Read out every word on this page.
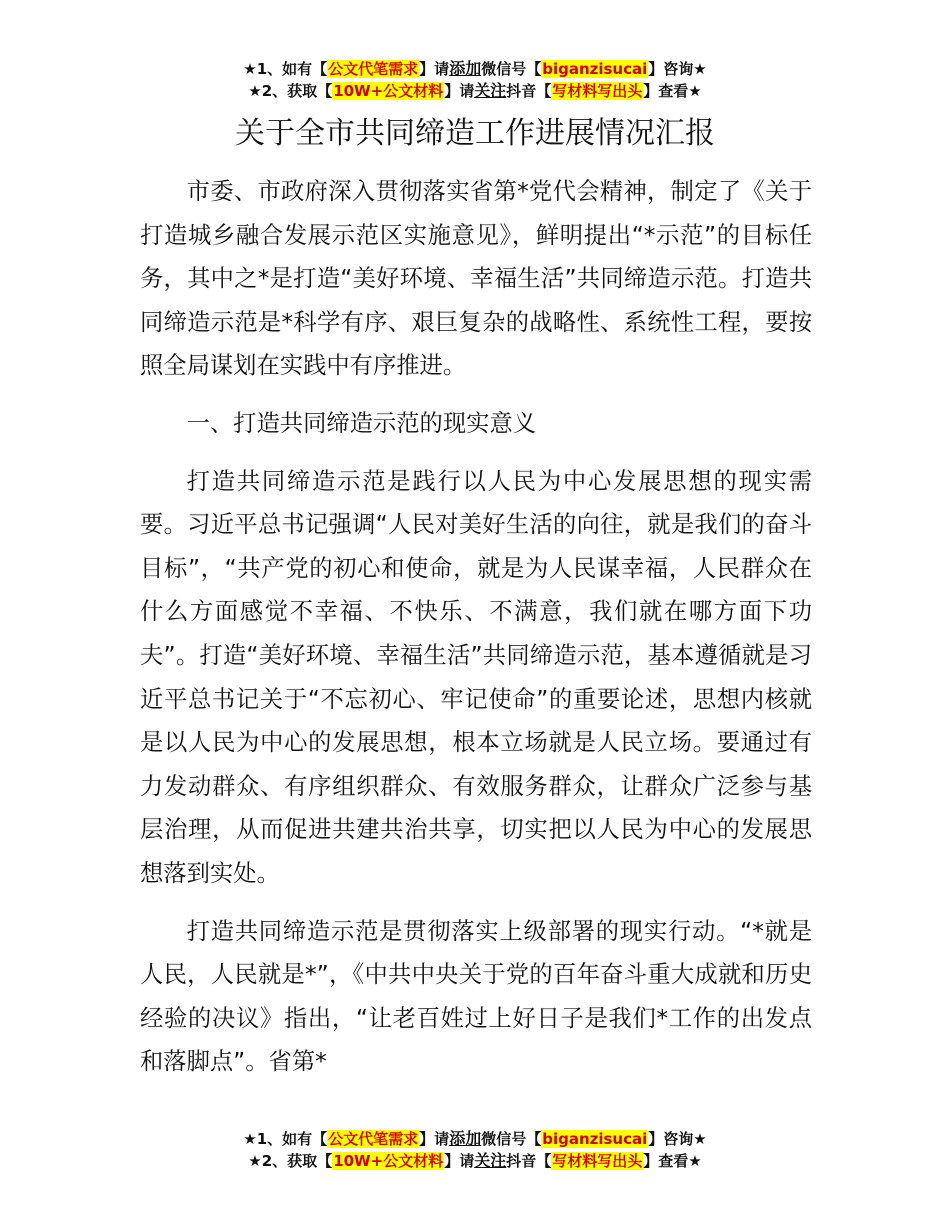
★1、如有【公文代笔需求】请添加微信号【biganzisucai】咨询★
★2、获取【10W+公文材料】请关注抖音【写材料写出头】查看★
关于全市共同缔造工作进展情况汇报

市委、市政府深入贯彻落实省第*党代会精神，制定了《关于打造城乡融合发展示范区实施意见》，鲜明提出“*示范”的目标任务，其中之*是打造“美好环境、幸福生活”共同缔造示范。打造共同缔造示范是*科学有序、艰巨复杂的战略性、系统性工程，要按照全局谋划在实践中有序推进。

一、打造共同缔造示范的现实意义

打造共同缔造示范是践行以人民为中心发展思想的现实需要。习近平总书记强调“人民对美好生活的向往，就是我们的奋斗目标”，“共产党的初心和使命，就是为人民谋幸福，人民群众在什么方面感觉不幸福、不快乐、不满意，我们就在哪方面下功夫”。打造“美好环境、幸福生活”共同缔造示范，基本遵循就是习近平总书记关于“不忘初心、牢记使命”的重要论述，思想内核就是以人民为中心的发展思想，根本立场就是人民立场。要通过有力发动群众、有序组织群众、有效服务群众，让群众广泛参与基层治理，从而促进共建共治共享，切实把以人民为中心的发展思想落到实处。

打造共同缔造示范是贯彻落实上级部署的现实行动。“*就是人民，人民就是*”，《中共中央关于党的百年奋斗重大成就和历史经验的决议》指出，“让老百姓过上好日子是我们*工作的出发点和落脚点”。省第*

★1、如有【公文代笔需求】请添加微信号【biganzisucai】咨询★
★2、获取【10W+公文材料】请关注抖音【写材料写出头】查看★
